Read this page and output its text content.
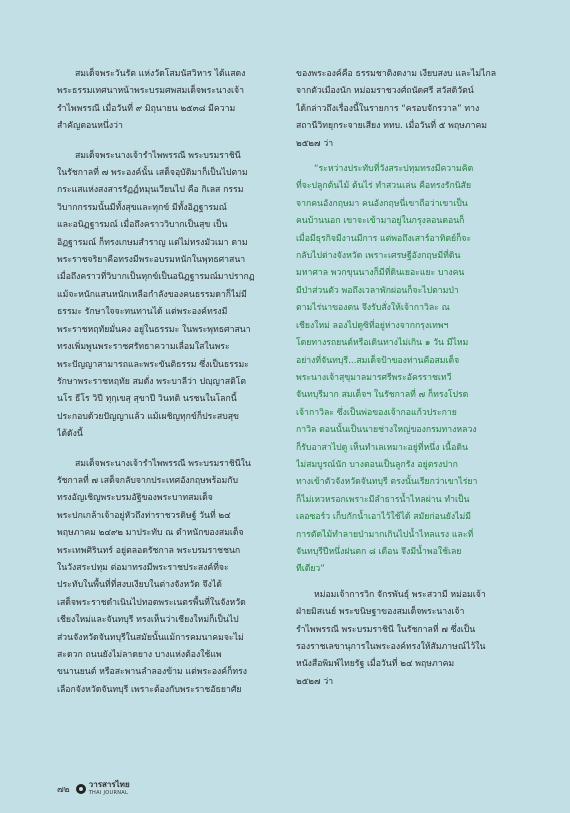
สมเด็จพระวันรัต แห่งวัดโสมนัสวิหาร ได้แสดง
พระธรรมเทศนาหน้าพระบรมศพสมเด็จพระนางเจ้า
รำไพพรรณี เมื่อวันที่ ๙ มิถุนายน ๒๕๓๘ มีความ
สำคัญตอนหนึ่งว่า

สมเด็จพระนางเจ้ารำไพพรรณี พระบรมราชินี
ในรัชกาลที่ ๗ พระองค์นั้น เสด็จอุบัติมาก็เป็นไปตาม
กระแสแห่งสงสารรัฏฏ์หมุนเวียนไป คือ กิเลส กรรม
วิบากกรรมนั้นมีทั้งสุขและทุกข์ มีทั้งอิฏฐารมณ์
และอนิฏฐารมณ์ เมื่อถึงคราววิบากเป็นสุข เป็น
อิฏฐารมณ์ ก็ทรงเกษมสำราญ แต่ไม่ทรงมัวเมา ตาม
พระราชจริยาคือทรงมีพระอบรมหนักในพุทธศาสนา
เมื่อถึงคราวที่วิบากเป็นทุกข์เป็นอนิฏฐารมณ์มาปรากฏ
แม้จะหนักแสนหนักเหลือกำลังของคนธรรมดาก็ไม่มี
ธรรมะ รักษาใจจะทนทานได้ แต่พระองค์ทรงมี
พระราชหฤทัยมั่นคง อยู่ในธรรมะ ในพระพุทธศาสนา
ทรงเพิ่มพูนพระราชศรัทธาความเลื่อมใสในพระ
พระปัญญาสามารถและพระขันติธรรม ซึ่งเป็นธรรมะ
รักษาพระราชหฤทัย สมดั่ง พระบาลีว่า ปญฺญาสติโต
นโร ธีโร วิปี ทุกฺเขสุ สุขาปี วินทติ นรชนในโลกนี้
ประกอบด้วยปัญญาแล้ว แม้เผชิญทุกข์ก็ประสบสุข
ได้ดังนี้

สมเด็จพระนางเจ้ารำไพพรรณี พระบรมราชินีใน
รัชกาลที่ ๗ เสด็จกลับจากประเทศอังกฤษพร้อมกับ
ทรงอัญเชิญพระบรมอัฐิของพระบาทสมเด็จ
พระปกเกล้าเจ้าอยู่หัวถึงท่าราชวรดิษฐ์ วันที่ ๒๔
พฤษภาคม ๒๔๙๒ มาประทับ ณ ตำหนักของสมเด็จ
พระเทพศิรินทร์ อยู่ตลอดรัชกาล พระบรมราชชนก
ในวังสระปทุม ต่อมาทรงมีพระราชประสงค์ที่จะ
ประทับในพื้นที่ที่สงบเงียบในต่างจังหวัด จึงได้
เสด็จพระราชดำเนินไปทอดพระเนตรพื้นที่ในจังหวัด
เชียงใหม่และจันทบุรี ทรงเห็นว่าเชียงใหม่ก็เป็นไป
ส่วนจังหวัดจันทบุรีในสมัยนั้นแม้การคมนาคมจะไม่
สะดวก ถนนยังไม่ลาดยาง บางแห่งต้องใช้แพ
ขนานยนต์ หรือสะพานลำลองข้าม แต่พระองค์ก็ทรง
เลือกจังหวัดจันทบุรี เพราะต้องกับพระราชอัธยาศัย

ของพระองค์คือ ธรรมชาติงดงาม เงียบสงบ และไม่ไกล
จากตัวเมืองนัก หม่อมราชวงศ์ถนัดศรี สวัสดิวัตน์
ได้กล่าวถึงเรื่องนี้ในรายการ “ครอบจักรวาล” ทาง
สถานีวิทยุกระจายเสียง ททบ. เมื่อวันที่ ๕ พฤษภาคม
๒๕๒๗ ว่า

“ระหว่างประทับที่วังสระปทุมทรงมีความคิด
ที่จะปลูกต้นไม้ ต้นไร่ ทำสวนเล่น คือทรงรักนิสัย
จากคนอังกฤษมา คนอังกฤษนี่เขาถือว่าเขาเป็น
คนบ้านนอก เขาจะเข้ามาอยู่ในกรุงลอนดอนก็
เมื่อมีธุรกิจมีงานมีการ แต่พอถึงเสาร์อาทิตย์ก็จะ
กลับไปต่างจังหวัด เพราะเศรษฐีอังกฤษมีที่ดิน
มหาศาล พวกขุนนางก็มีที่ดินเยอะแยะ บางคน
มีป่าส่วนตัว พอถึงเวลาพักผ่อนก็จะไปตามป่า
ตามไร่นาของตน จึงรับสั่งให้เจ้ากาวิละ ณ
เชียงใหม่ ลองไปดูซิที่อยู่ห่างจากกรุงเทพฯ
โดยทางรถยนต์หรือเดินทางไม่เกิน ๑ วัน มีไหม
อย่างที่จันทบุรี...สมเด็จป้าของท่านคือสมเด็จ
พระนางเจ้าสุขุมาลมารศรีพระอัครราชเทวี
จันทบุรีมาก สมเด็จฯ ในรัชกาลที่ ๗ ก็ทรงโปรด
เจ้ากาวิละ ซึ่งเป็นพ่อของเจ้ากอแก้วประกาย
กาวิล ตอนนั้นเป็นนายช่างใหญ่ของกรมทางหลวง
ก็รับอาสาไปดู เห็นทำเลเหมาะอยู่ที่หนึ่ง เนื้อดิน
ไม่สมบูรณ์นัก บางตอนเป็นลูกรัง อยู่ตรงปาก
ทางเข้าตัวจังหวัดจันทบุรี ตรงนั้นเรียกว่าเขาไร่ยา
ก็ไม่เหวหรอกเพราะมีลำธารน้ำไหลผ่าน ทำเป็น
เลอซอร์ว เก็บกักน้ำเอาไว้ใช้ได้ สมัยก่อนยังไม่มี
การตัดไม้ทำลายป่ามากเกินไปน้ำไหลแรง และที่
จันทบุรีปีหนึ่งฝนตก ๘ เดือน จึงมีน้ำพอใช้เลย
ทีเดียว”

หม่อมเจ้าการวิก จักรพันธุ์ พระสวามี หม่อมเจ้า
ฝ่ายมิสเนย์ พระขนิษฐาของสมเด็จพระนางเจ้า
รำไพพรรณี พระบรมราชินี ในรัชกาลที่ ๗ ซึ่งเป็น
รองราชเลขานุการในพระองค์ทรงให้สัมภาษณ์ไว้ใน
หนังสือพิมพ์ไทยรัฐ เมื่อวันที่ ๒๔ พฤษภาคม
๒๕๒๗ ว่า

๗๒
วารสารไทย
THAI JOURNAL
